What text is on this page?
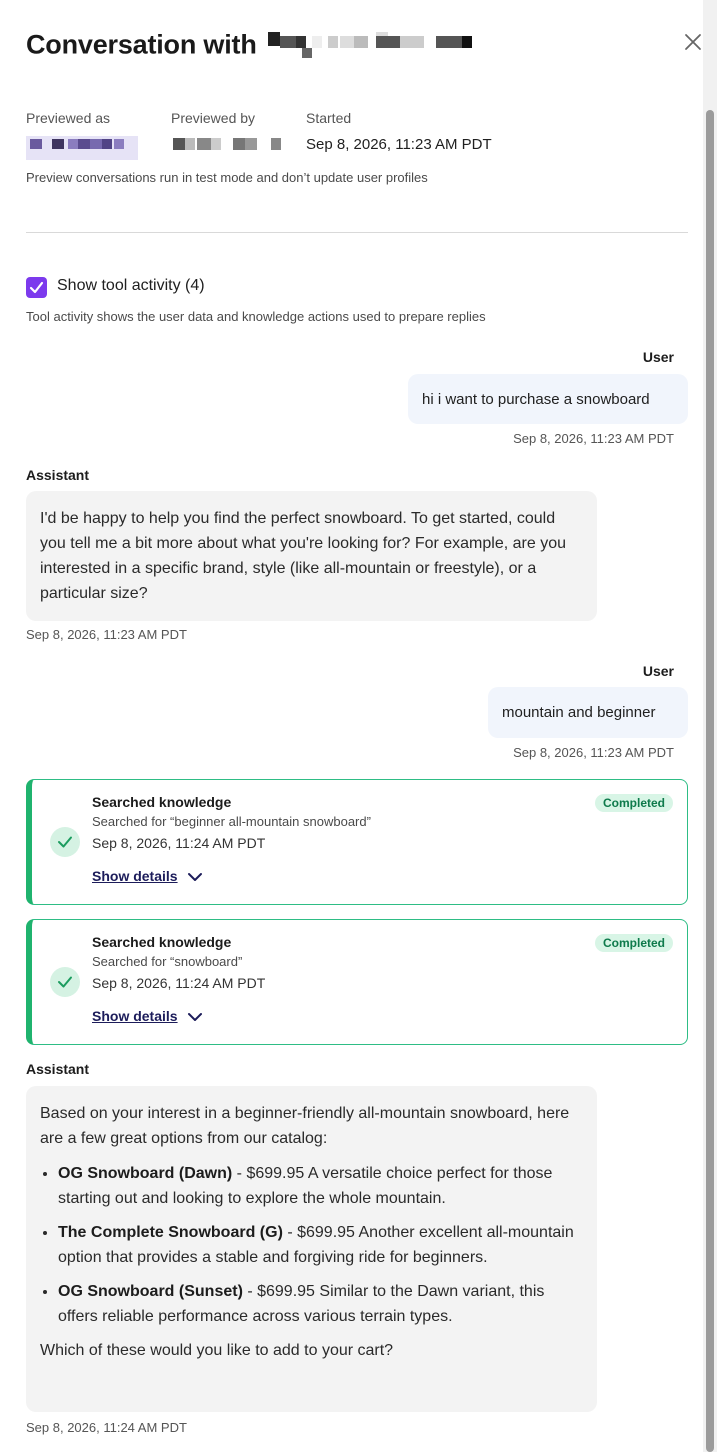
Conversation with
Previewed as	Previewed by	Started
Sep 8, 2026, 11:23 AM PDT
Preview conversations run in test mode and don’t update user profiles
Show tool activity (4)
Tool activity shows the user data and knowledge actions used to prepare replies
User
hi i want to purchase a snowboard
Sep 8, 2026, 11:23 AM PDT
Assistant
I'd be happy to help you find the perfect snowboard. To get started, could you tell me a bit more about what you're looking for? For example, are you interested in a specific brand, style (like all-mountain or freestyle), or a particular size?
Sep 8, 2026, 11:23 AM PDT
User
mountain and beginner
Sep 8, 2026, 11:23 AM PDT
Searched knowledge
Searched for “beginner all-mountain snowboard”
Sep 8, 2026, 11:24 AM PDT
Show details
Completed
Searched knowledge
Searched for “snowboard”
Sep 8, 2026, 11:24 AM PDT
Show details
Completed
Assistant
Based on your interest in a beginner-friendly all-mountain snowboard, here are a few great options from our catalog:
• OG Snowboard (Dawn) - $699.95 A versatile choice perfect for those starting out and looking to explore the whole mountain.
• The Complete Snowboard (G) - $699.95 Another excellent all-mountain option that provides a stable and forgiving ride for beginners.
• OG Snowboard (Sunset) - $699.95 Similar to the Dawn variant, this offers reliable performance across various terrain types.
Which of these would you like to add to your cart?
Sep 8, 2026, 11:24 AM PDT
